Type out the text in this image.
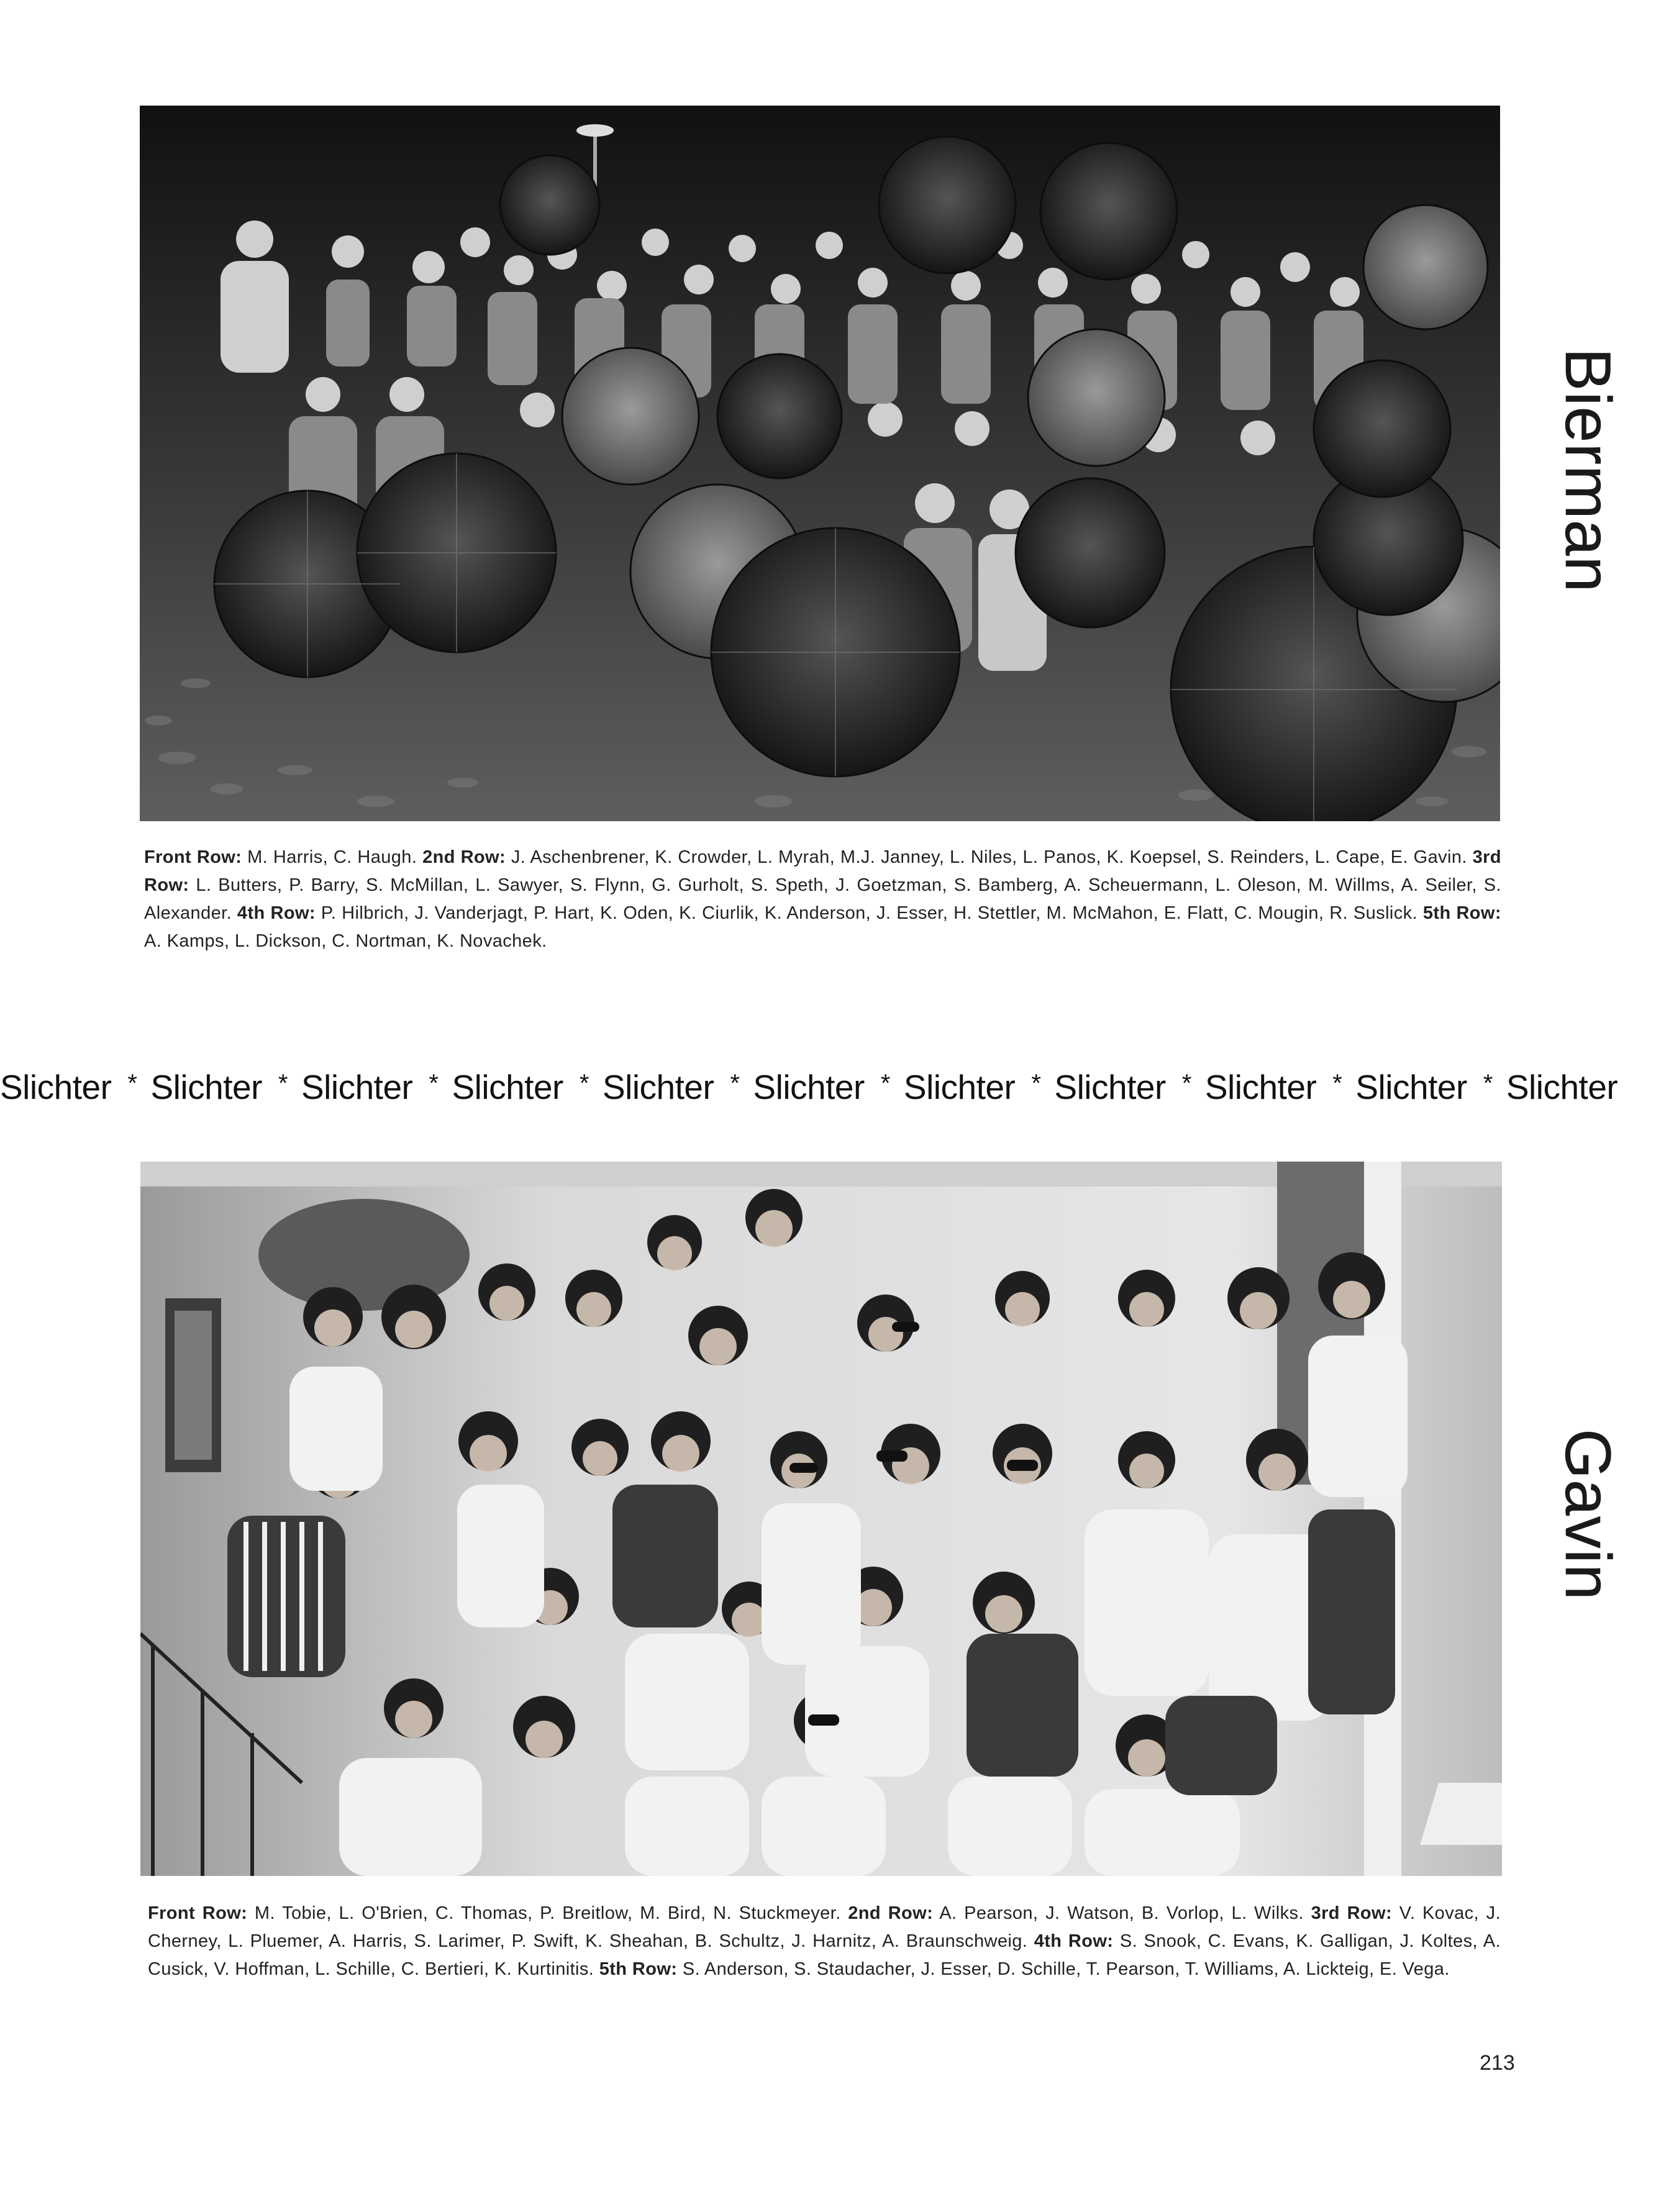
Front Row: M. Harris, C. Haugh. 2nd Row: J. Aschenbrener, K. Crowder, L. Myrah, M.J. Janney, L. Niles, L. Panos, K. Koepsel, S. Reinders, L. Cape, E. Gavin. 3rd Row: L. Butters, P. Barry, S. McMillan, L. Sawyer, S. Flynn, G. Gurholt, S. Speth, J. Goetzman, S. Bamberg, A. Scheuermann, L. Oleson, M. Willms, A. Seiler, S. Alexander. 4th Row: P. Hilbrich, J. Vanderjagt, P. Hart, K. Oden, K. Ciurlik, K. Anderson, J. Esser, H. Stettler, M. McMahon, E. Flatt, C. Mougin, R. Suslick. 5th Row: A. Kamps, L. Dickson, C. Nortman, K. Novachek.
Bierman
Slichter * Slichter * Slichter * Slichter * Slichter * Slichter * Slichter * Slichter * Slichter * Slichter * Slichter
Front Row: M. Tobie, L. O'Brien, C. Thomas, P. Breitlow, M. Bird, N. Stuckmeyer. 2nd Row: A. Pearson, J. Watson, B. Vorlop, L. Wilks. 3rd Row: V. Kovac, J. Cherney, L. Pluemer, A. Harris, S. Larimer, P. Swift, K. Sheahan, B. Schultz, J. Harnitz, A. Braunschweig. 4th Row: S. Snook, C. Evans, K. Galligan, J. Koltes, A. Cusick, V. Hoffman, L. Schille, C. Bertieri, K. Kurtinitis. 5th Row: S. Anderson, S. Staudacher, J. Esser, D. Schille, T. Pearson, T. Williams, A. Lickteig, E. Vega.
Gavin
213
